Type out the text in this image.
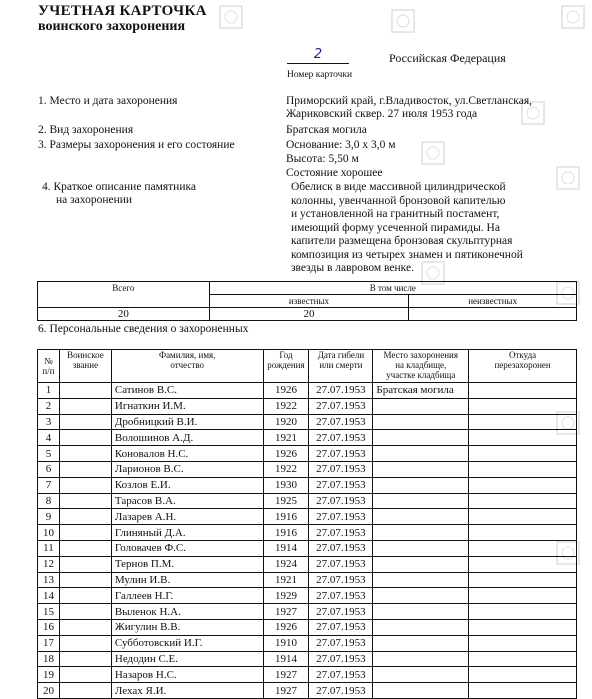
УЧЕТНАЯ КАРТОЧКА
воинского захоронения
2
Номер карточки
Российская Федерация
1. Место и дата захоронения	Приморский край, г.Владивосток, ул.Светланская,
Жариковский сквер. 27 июля 1953 года
2. Вид захоронения	Братская могила
3. Размеры захоронения и его состояние	Основание: 3,0 х 3,0 м
Высота: 5,50 м
Состояние хорошее
4. Краткое описание памятника
на захоронении
Обелиск в виде массивной цилиндрической
колонны, увенчанной бронзовой капителью
и установленной на гранитный постамент,
имеющий форму усеченной пирамиды. На
капители размещена бронзовая скульптурная
композиция из четырех знамен и пятиконечной
звезды в лавровом венке.
Всего	В том числе	
	известных	неизвестных
20	20	
6. Персональные сведения о захороненных
№
п/п	Воинское
звание	Фамилия, имя,
отчество	Год
рождения	Дата гибели
или смерти	Место захоронения
на кладбище,
участке кладбища	Откуда
перезахоронен
1		Сатинов В.С.	1926	27.07.1953	Братская могила	
2		Игнаткин И.М.	1922	27.07.1953		
3		Дробницкий В.И.	1920	27.07.1953		
4		Волошинов А.Д.	1921	27.07.1953		
5		Коновалов Н.С.	1926	27.07.1953		
6		Ларионов В.С.	1922	27.07.1953		
7		Козлов Е.И.	1930	27.07.1953		
8		Тарасов В.А.	1925	27.07.1953		
9		Лазарев А.Н.	1916	27.07.1953		
10		Глиняный Д.А.	1916	27.07.1953		
11		Головачев Ф.С.	1914	27.07.1953		
12		Тернов П.М.	1924	27.07.1953		
13		Мулин И.В.	1921	27.07.1953		
14		Галлеев Н.Г.	1929	27.07.1953		
15		Выленок Н.А.	1927	27.07.1953		
16		Жигулин В.В.	1926	27.07.1953		
17		Субботовский И.Г.	1910	27.07.1953		
18		Недодин С.Е.	1914	27.07.1953		
19		Назаров Н.С.	1927	27.07.1953		
20		Лехах Я.И.	1927	27.07.1953		
